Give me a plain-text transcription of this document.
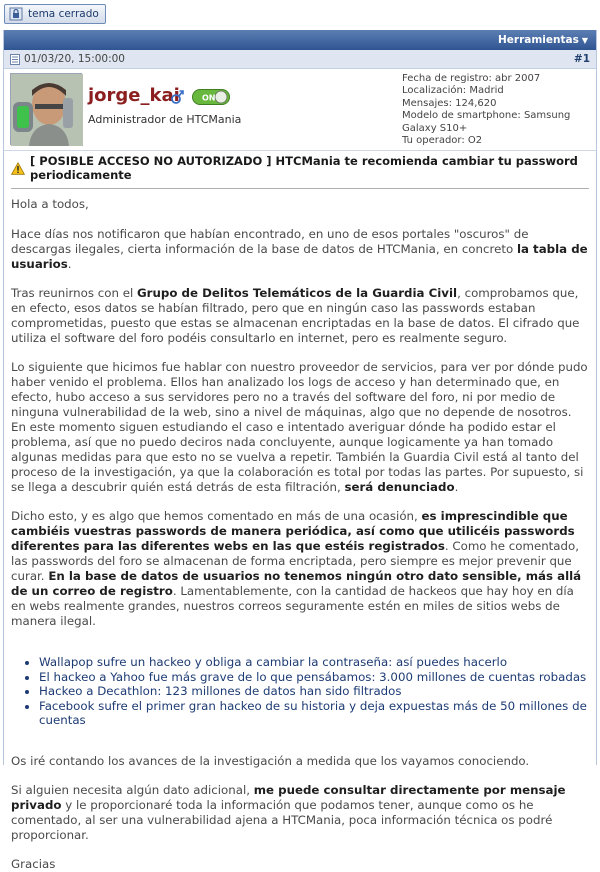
tema cerrado
Herramientas ▼
01/03/20, 15:00:00	#1
jorge_kai	ON
Administrador de HTCMania
Fecha de registro: abr 2007
Localización: Madrid
Mensajes: 124,620
Modelo de smartphone: Samsung Galaxy S10+
Tu operador: O2
[ POSIBLE ACCESO NO AUTORIZADO ] HTCMania te recomienda cambiar tu password periodicamente

Hola a todos,

Hace días nos notificaron que habían encontrado, en uno de esos portales "oscuros" de descargas ilegales, cierta información de la base de datos de HTCMania, en concreto la tabla de usuarios.

Tras reunirnos con el Grupo de Delitos Telemáticos de la Guardia Civil, comprobamos que, en efecto, esos datos se habían filtrado, pero que en ningún caso las passwords estaban comprometidas, puesto que estas se almacenan encriptadas en la base de datos. El cifrado que utiliza el software del foro podéis consultarlo en internet, pero es realmente seguro.

Lo siguiente que hicimos fue hablar con nuestro proveedor de servicios, para ver por dónde pudo haber venido el problema. Ellos han analizado los logs de acceso y han determinado que, en efecto, hubo acceso a sus servidores pero no a través del software del foro, ni por medio de ninguna vulnerabilidad de la web, sino a nivel de máquinas, algo que no depende de nosotros. En este momento siguen estudiando el caso e intentado averiguar dónde ha podido estar el problema, así que no puedo deciros nada concluyente, aunque logicamente ya han tomado algunas medidas para que esto no se vuelva a repetir. También la Guardia Civil está al tanto del proceso de la investigación, ya que la colaboración es total por todas las partes. Por supuesto, si se llega a descubrir quién está detrás de esta filtración, será denunciado.

Dicho esto, y es algo que hemos comentado en más de una ocasión, es imprescindible que cambiéis vuestras passwords de manera periódica, así como que utilicéis passwords diferentes para las diferentes webs en las que estéis registrados. Como he comentado, las passwords del foro se almacenan de forma encriptada, pero siempre es mejor prevenir que curar. En la base de datos de usuarios no tenemos ningún otro dato sensible, más allá de un correo de registro. Lamentablemente, con la cantidad de hackeos que hay hoy en día en webs realmente grandes, nuestros correos seguramente estén en miles de sitios webs de manera ilegal.

• Wallapop sufre un hackeo y obliga a cambiar la contraseña: así puedes hacerlo
• El hackeo a Yahoo fue más grave de lo que pensábamos: 3.000 millones de cuentas robadas
• Hackeo a Decathlon: 123 millones de datos han sido filtrados
• Facebook sufre el primer gran hackeo de su historia y deja expuestas más de 50 millones de cuentas

Os iré contando los avances de la investigación a medida que los vayamos conociendo.

Si alguien necesita algún dato adicional, me puede consultar directamente por mensaje privado y le proporcionaré toda la información que podamos tener, aunque como os he comentado, al ser una vulnerabilidad ajena a HTCMania, poca información técnica os podré proporcionar.

Gracias
